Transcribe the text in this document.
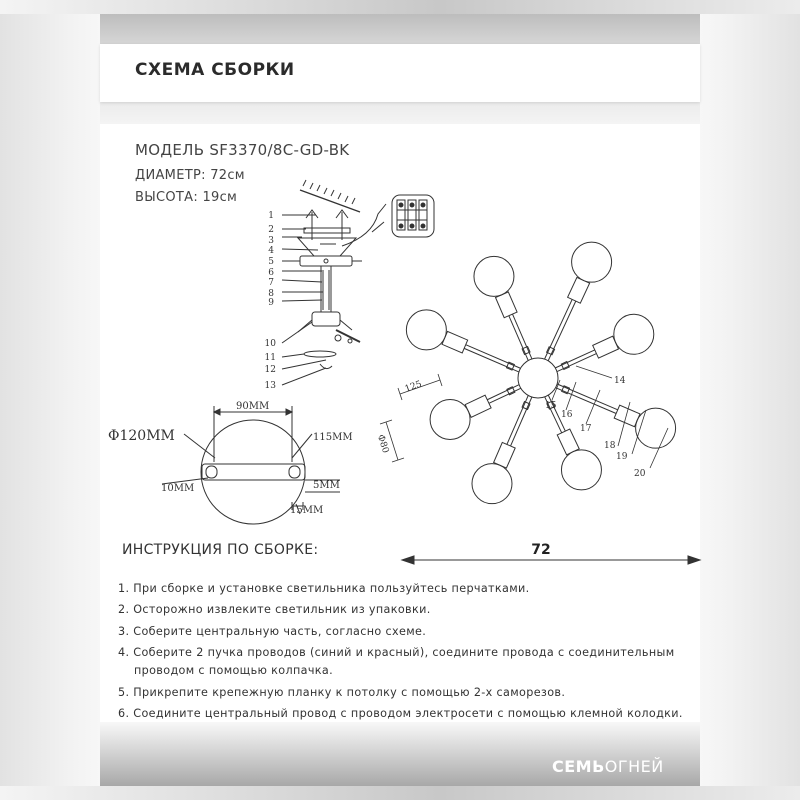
СХЕМА СБОРКИ
МОДЕЛЬ SF3370/8C-GD-BK
ДИАМЕТР: 72см
ВЫСОТА: 19см
1
2
3
4
5
6
7
8
9
10
11
12
13
Φ120MM
90MM
115MM
10MM	5MM
15MM
14
15
16
17
18
19
20
125
Φ80
72
ИНСТРУКЦИЯ ПО СБОРКЕ:
1. При сборке и установке светильника пользуйтесь перчатками.
2. Осторожно извлеките светильник из упаковки.
3. Соберите центральную часть, согласно схеме.
4. Соберите 2 пучка проводов (синий и красный), соедините провода с соединительным
проводом с помощью колпачка.
5. Прикрепите крепежную планку к потолку с помощью 2-х саморезов.
6. Соедините центральный провод с проводом электросети с помощью клемной колодки.
СЕМЬОГНЕЙ
